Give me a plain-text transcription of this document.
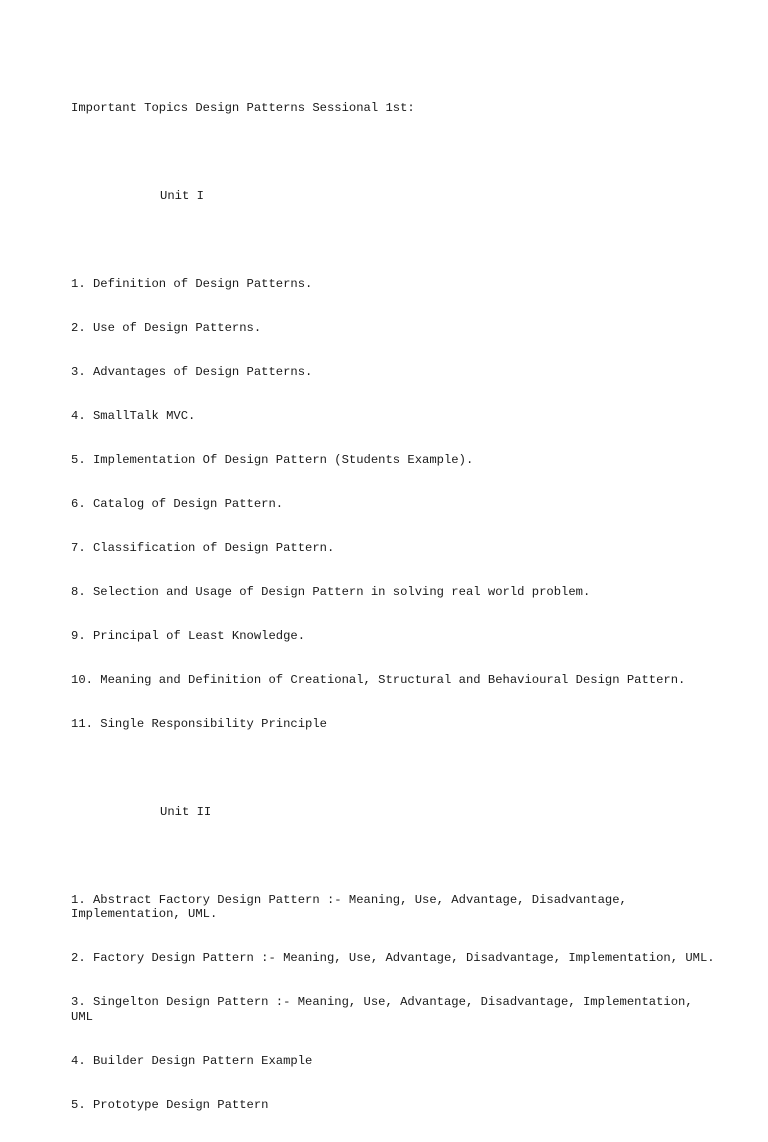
Important Topics Design Patterns Sessional 1st:

Unit I

1. Definition of Design Patterns.

2. Use of Design Patterns.

3. Advantages of Design Patterns.

4. SmallTalk MVC.

5. Implementation Of Design Pattern (Students Example).

6. Catalog of Design Pattern.

7. Classification of Design Pattern.

8. Selection and Usage of Design Pattern in solving real world problem.

9. Principal of Least Knowledge.

10. Meaning and Definition of Creational, Structural and Behavioural Design Pattern.

11. Single Responsibility Principle

Unit II

1. Abstract Factory Design Pattern :- Meaning, Use, Advantage, Disadvantage, Implementation, UML.

2. Factory Design Pattern :- Meaning, Use, Advantage, Disadvantage, Implementation, UML.

3. Singelton Design Pattern :- Meaning, Use, Advantage, Disadvantage, Implementation, UML

4. Builder Design Pattern Example

5. Prototype Design Pattern
